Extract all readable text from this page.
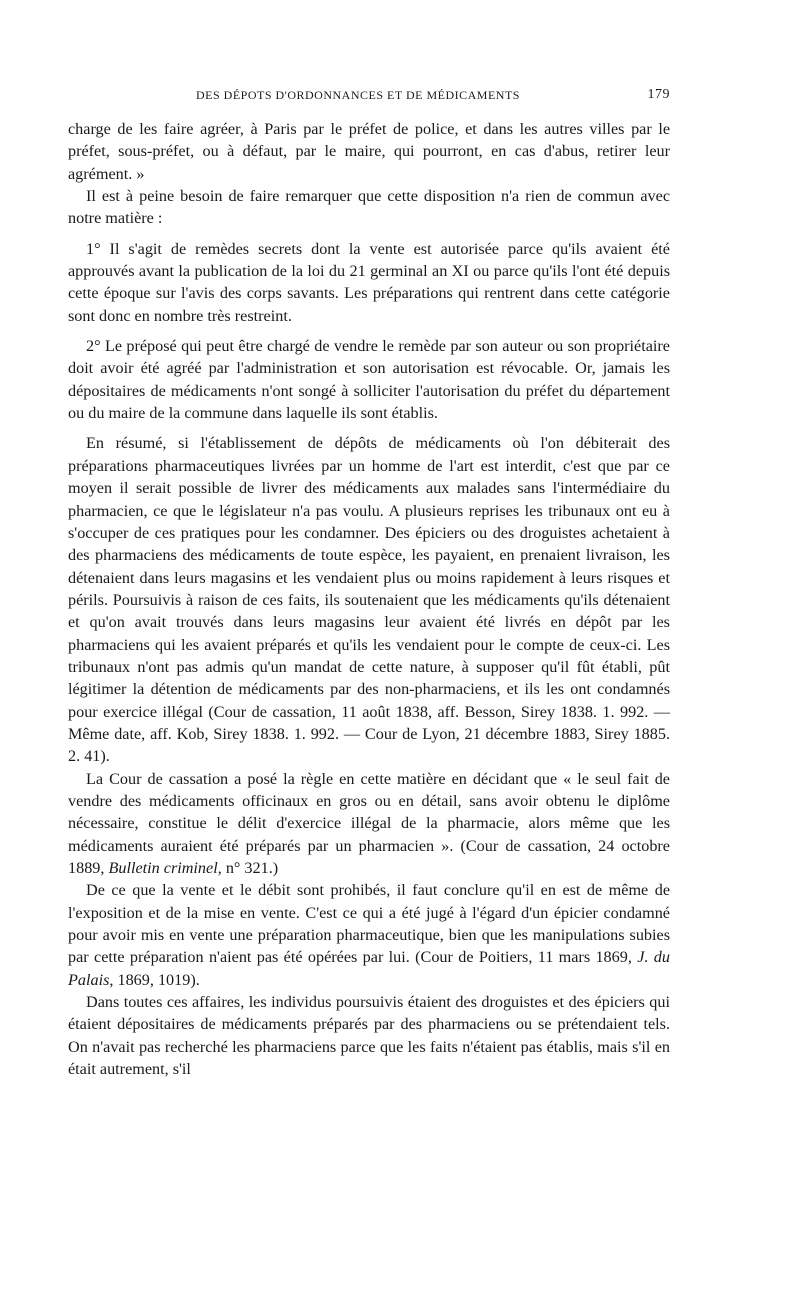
DES DÉPOTS D'ORDONNANCES ET DE MÉDICAMENTS	179

charge de les faire agréer, à Paris par le préfet de police, et dans les autres villes par le préfet, sous-préfet, ou à défaut, par le maire, qui pourront, en cas d'abus, retirer leur agrément. »

Il est à peine besoin de faire remarquer que cette disposition n'a rien de commun avec notre matière :

1° Il s'agit de remèdes secrets dont la vente est autorisée parce qu'ils avaient été approuvés avant la publication de la loi du 21 germinal an XI ou parce qu'ils l'ont été depuis cette époque sur l'avis des corps savants. Les préparations qui rentrent dans cette catégorie sont donc en nombre très restreint.

2° Le préposé qui peut être chargé de vendre le remède par son auteur ou son propriétaire doit avoir été agréé par l'administration et son autorisation est révocable. Or, jamais les dépositaires de médicaments n'ont songé à solliciter l'autorisation du préfet du département ou du maire de la commune dans laquelle ils sont établis.

En résumé, si l'établissement de dépôts de médicaments où l'on débiterait des préparations pharmaceutiques livrées par un homme de l'art est interdit, c'est que par ce moyen il serait possible de livrer des médicaments aux malades sans l'intermédiaire du pharmacien, ce que le législateur n'a pas voulu. A plusieurs reprises les tribunaux ont eu à s'occuper de ces pratiques pour les condamner. Des épiciers ou des droguistes achetaient à des pharmaciens des médicaments de toute espèce, les payaient, en prenaient livraison, les détenaient dans leurs magasins et les vendaient plus ou moins rapidement à leurs risques et périls. Poursuivis à raison de ces faits, ils soutenaient que les médicaments qu'ils détenaient et qu'on avait trouvés dans leurs magasins leur avaient été livrés en dépôt par les pharmaciens qui les avaient préparés et qu'ils les vendaient pour le compte de ceux-ci. Les tribunaux n'ont pas admis qu'un mandat de cette nature, à supposer qu'il fût établi, pût légitimer la détention de médicaments par des non-pharmaciens, et ils les ont condamnés pour exercice illégal (Cour de cassation, 11 août 1838, aff. Besson, Sirey 1838. 1. 992. — Même date, aff. Kob, Sirey 1838. 1. 992. — Cour de Lyon, 21 décembre 1883, Sirey 1885. 2. 41).

La Cour de cassation a posé la règle en cette matière en décidant que « le seul fait de vendre des médicaments officinaux en gros ou en détail, sans avoir obtenu le diplôme nécessaire, constitue le délit d'exercice illégal de la pharmacie, alors même que les médicaments auraient été préparés par un pharmacien ». (Cour de cassation, 24 octobre 1889, Bulletin criminel, n° 321.)

De ce que la vente et le débit sont prohibés, il faut conclure qu'il en est de même de l'exposition et de la mise en vente. C'est ce qui a été jugé à l'égard d'un épicier condamné pour avoir mis en vente une préparation pharmaceutique, bien que les manipulations subies par cette préparation n'aient pas été opérées par lui. (Cour de Poitiers, 11 mars 1869, J. du Palais, 1869, 1019).

Dans toutes ces affaires, les individus poursuivis étaient des droguistes et des épiciers qui étaient dépositaires de médicaments préparés par des pharmaciens ou se prétendaient tels. On n'avait pas recherché les pharmaciens parce que les faits n'étaient pas établis, mais s'il en était autrement, s'il
